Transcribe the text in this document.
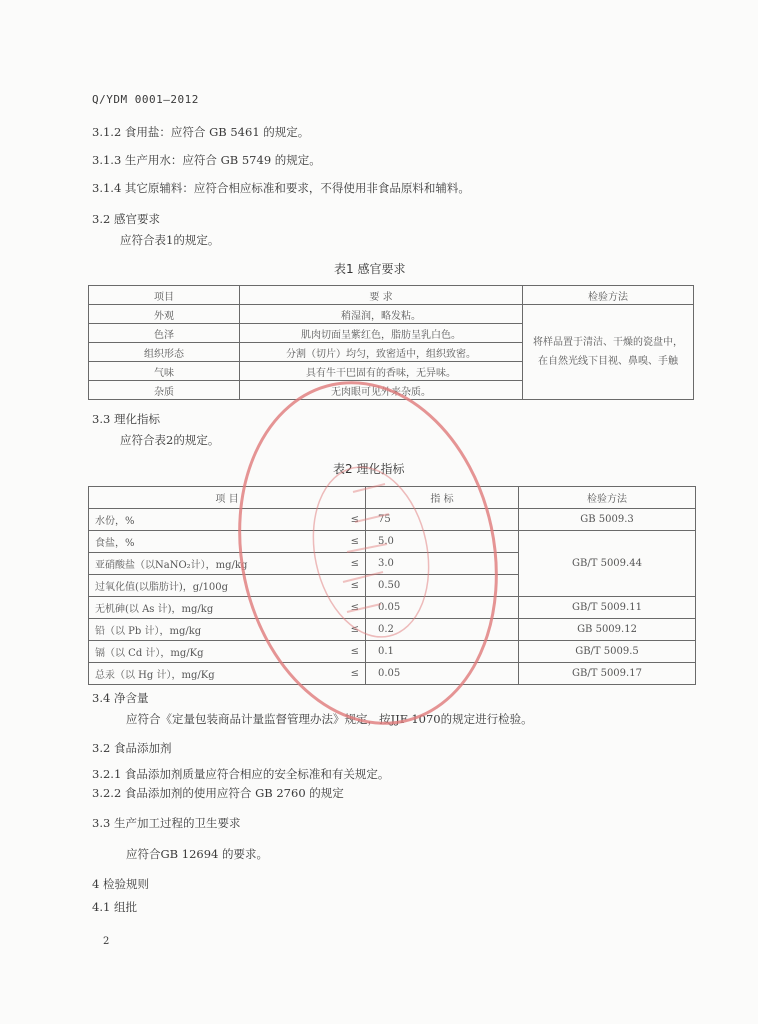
Q/YDM 0001—2012
3.1.2 食用盐：应符合 GB 5461 的规定。
3.1.3 生产用水：应符合 GB 5749 的规定。
3.1.4 其它原辅料：应符合相应标准和要求，不得使用非食品原料和辅料。
3.2 感官要求
应符合表1的规定。
表1 感官要求
项目	要 求	检验方法
外观	稍湿润，略发粘。	将样品置于清洁、干燥的瓷盘中，在自然光线下目视、鼻嗅、手触
色泽	肌肉切面呈紫红色，脂肪呈乳白色。	
组织形态	分割（切片）均匀，致密适中，组织致密。	
气味	具有牛干巴固有的香味，无异味。	
杂质	无肉眼可见外来杂质。	
3.3 理化指标
应符合表2的规定。
表2 理化指标
项 目		指 标	检验方法
水份，%	≤	75	GB 5009.3
食盐，%	≤	5.0	GB/T 5009.44
亚硝酸盐（以NaNO₂计），mg/kg	≤	3.0	
过氧化值(以脂肪计)，g/100g	≤	0.50	
无机砷(以 As 计)，mg/kg	≤	0.05	GB/T 5009.11
铅（以 Pb 计），mg/kg	≤	0.2	GB 5009.12
镉（以 Cd 计），mg/Kg	≤	0.1	GB/T 5009.5
总汞（以 Hg 计），mg/Kg	≤	0.05	GB/T 5009.17
3.4 净含量
应符合《定量包装商品计量监督管理办法》规定，按JJF 1070的规定进行检验。
3.2 食品添加剂
3.2.1 食品添加剂质量应符合相应的安全标准和有关规定。
3.2.2 食品添加剂的使用应符合 GB 2760 的规定
3.3 生产加工过程的卫生要求
应符合GB 12694 的要求。
4 检验规则
4.1 组批
2
